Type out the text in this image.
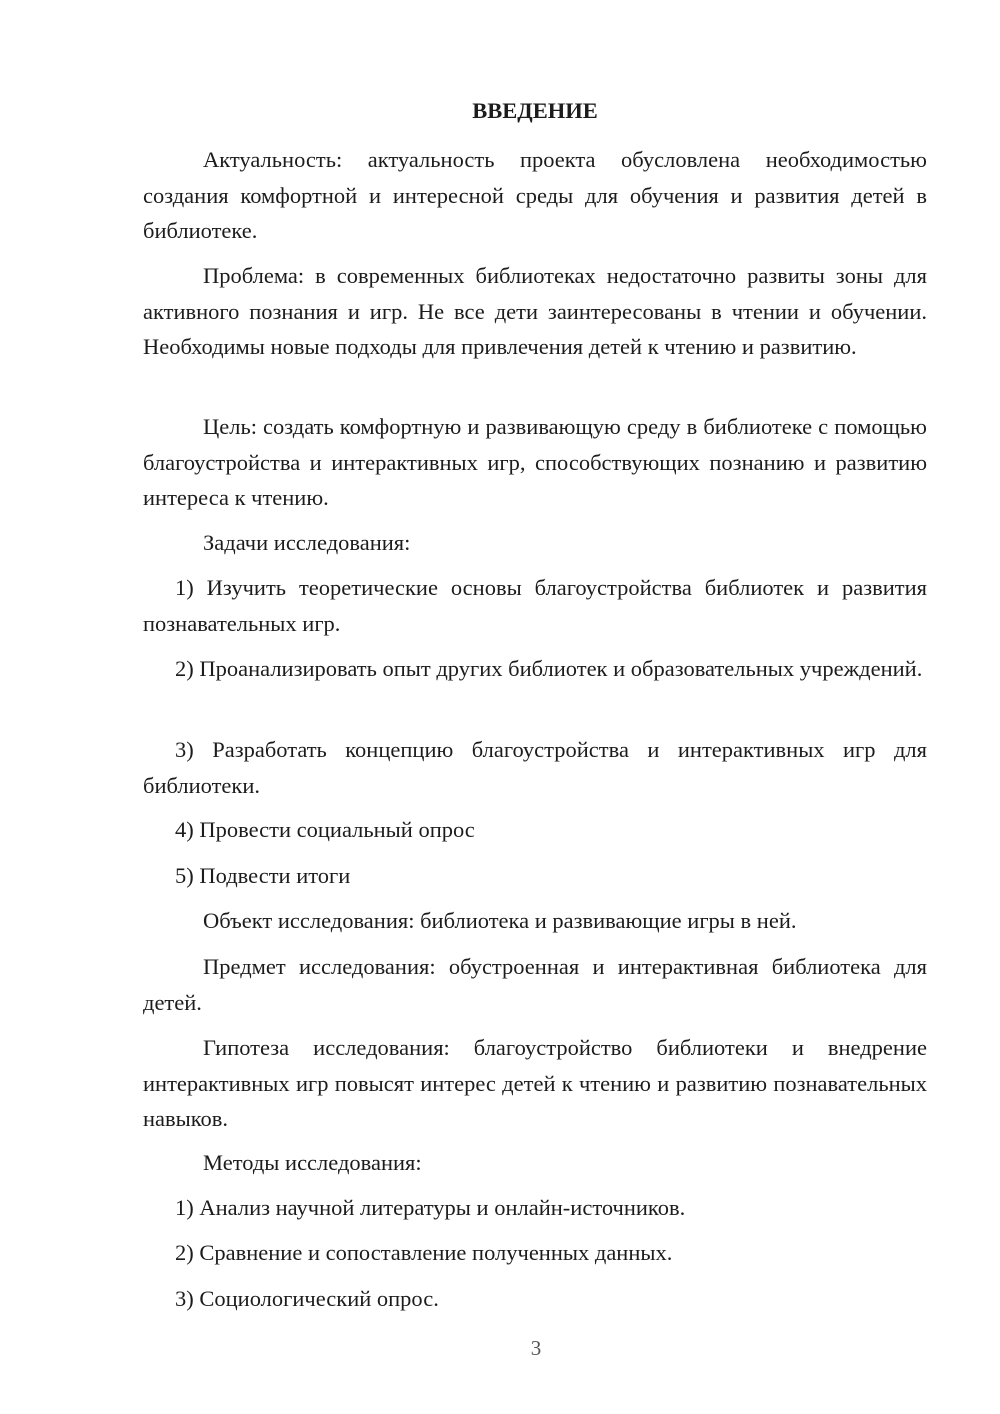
ВВЕДЕНИЕ

Актуальность: актуальность проекта обусловлена необходимостью создания комфортной и интересной среды для обучения и развития детей в библиотеке.

Проблема: в современных библиотеках недостаточно развиты зоны для активного познания и игр. Не все дети заинтересованы в чтении и обучении. Необходимы новые подходы для привлечения детей к чтению и развитию.

Цель: создать комфортную и развивающую среду в библиотеке с помощью благоустройства и интерактивных игр, способствующих познанию и развитию интереса к чтению.

Задачи исследования:

1) Изучить теоретические основы благоустройства библиотек и развития познавательных игр.

2) Проанализировать опыт других библиотек и образовательных учреждений.

3) Разработать концепцию благоустройства и интерактивных игр для библиотеки.

4) Провести социальный опрос

5) Подвести итоги

Объект исследования: библиотека и развивающие игры в ней.

Предмет исследования: обустроенная и интерактивная библиотека для детей.

Гипотеза исследования: благоустройство библиотеки и внедрение интерактивных игр повысят интерес детей к чтению и развитию познавательных навыков.

Методы исследования:

1) Анализ научной литературы и онлайн-источников.

2) Сравнение и сопоставление полученных данных.

3) Социологический опрос.

3
